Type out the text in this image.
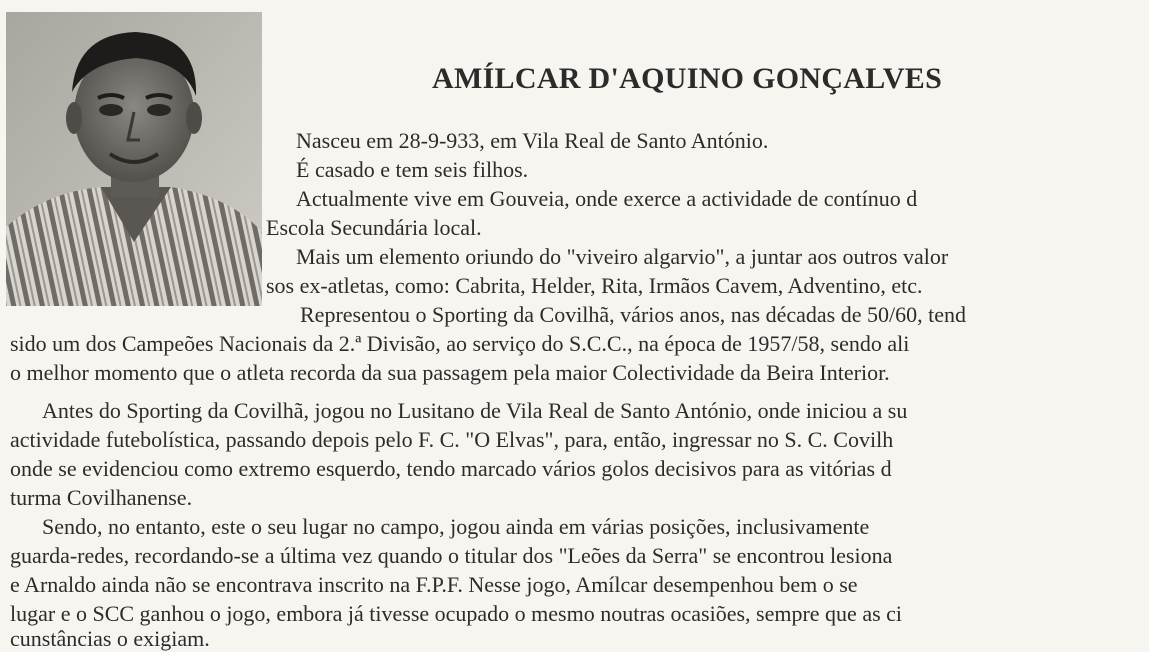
AMÍLCAR D'AQUINO GONÇALVES
Nasceu em 28-9-933, em Vila Real de Santo António.
É casado e tem seis filhos.
Actualmente vive em Gouveia, onde exerce a actividade de contínuo d
Escola Secundária local.
Mais um elemento oriundo do "viveiro algarvio", a juntar aos outros valor
sos ex-atletas, como: Cabrita, Helder, Rita, Irmãos Cavem, Adventino, etc.
Representou o Sporting da Covilhã, vários anos, nas décadas de 50/60, tend
sido um dos Campeões Nacionais da 2.ª Divisão, ao serviço do S.C.C., na época de 1957/58, sendo ali
o melhor momento que o atleta recorda da sua passagem pela maior Colectividade da Beira Interior.
Antes do Sporting da Covilhã, jogou no Lusitano de Vila Real de Santo António, onde iniciou a su
actividade futebolística, passando depois pelo F. C. "O Elvas", para, então, ingressar no S. C. Covilh
onde se evidenciou como extremo esquerdo, tendo marcado vários golos decisivos para as vitórias d
turma Covilhanense.
Sendo, no entanto, este o seu lugar no campo, jogou ainda em várias posições, inclusivamente
guarda-redes, recordando-se a última vez quando o titular dos "Leões da Serra" se encontrou lesiona
e Arnaldo ainda não se encontrava inscrito na F.P.F. Nesse jogo, Amílcar desempenhou bem o se
lugar e o SCC ganhou o jogo, embora já tivesse ocupado o mesmo noutras ocasiões, sempre que as ci
cunstâncias o exigiam.
